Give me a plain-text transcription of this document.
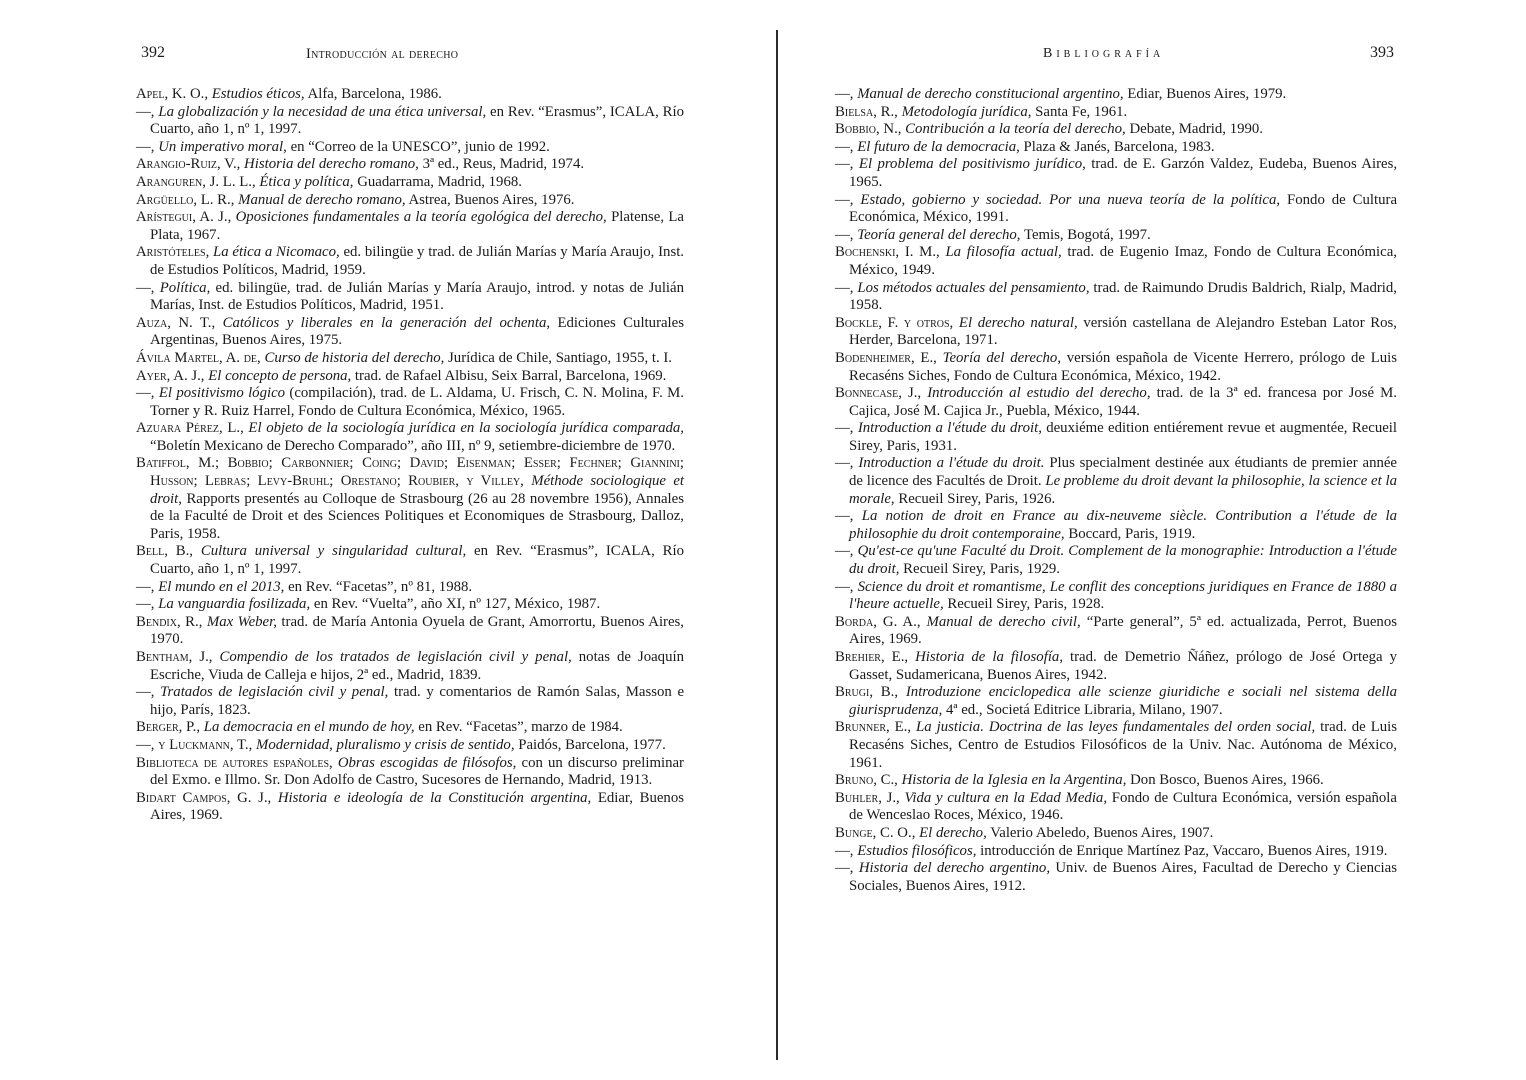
392	Introducción al derecho

Apel, K. O., Estudios éticos, Alfa, Barcelona, 1986.

—, La globalización y la necesidad de una ética universal, en Rev. “Erasmus”, ICALA, Río Cuarto, año 1, nº 1, 1997.

—, Un imperativo moral, en “Correo de la UNESCO”, junio de 1992.

Arangio-Ruiz, V., Historia del derecho romano, 3ª ed., Reus, Madrid, 1974.

Aranguren, J. L. L., Ética y política, Guadarrama, Madrid, 1968.

Argüello, L. R., Manual de derecho romano, Astrea, Buenos Aires, 1976.

Arístegui, A. J., Oposiciones fundamentales a la teoría egológica del derecho, Platense, La Plata, 1967.

Aristóteles, La ética a Nicomaco, ed. bilingüe y trad. de Julián Marías y María Araujo, Inst. de Estudios Políticos, Madrid, 1959.

—, Política, ed. bilingüe, trad. de Julián Marías y María Araujo, introd. y notas de Julián Marías, Inst. de Estudios Políticos, Madrid, 1951.

Auza, N. T., Católicos y liberales en la generación del ochenta, Ediciones Culturales Argentinas, Buenos Aires, 1975.

Ávila Martel, A. de, Curso de historia del derecho, Jurídica de Chile, Santiago, 1955, t. I.

Ayer, A. J., El concepto de persona, trad. de Rafael Albisu, Seix Barral, Barcelona, 1969.

—, El positivismo lógico (compilación), trad. de L. Aldama, U. Frisch, C. N. Molina, F. M. Torner y R. Ruiz Harrel, Fondo de Cultura Económica, México, 1965.

Azuara Pérez, L., El objeto de la sociología jurídica en la sociología jurídica comparada, “Boletín Mexicano de Derecho Comparado”, año III, nº 9, setiembre-diciembre de 1970.

Batiffol, M.; Bobbio; Carbonnier; Coing; David; Eisenman; Esser; Fechner; Giannini; Husson; Lebras; Levy-Bruhl; Orestano; Roubier, y Villey, Méthode sociologique et droit, Rapports presentés au Colloque de Strasbourg (26 au 28 novembre 1956), Annales de la Faculté de Droit et des Sciences Politiques et Economiques de Strasbourg, Dalloz, Paris, 1958.

Bell, B., Cultura universal y singularidad cultural, en Rev. “Erasmus”, ICALA, Río Cuarto, año 1, nº 1, 1997.

—, El mundo en el 2013, en Rev. “Facetas”, nº 81, 1988.

—, La vanguardia fosilizada, en Rev. “Vuelta”, año XI, nº 127, México, 1987.

Bendix, R., Max Weber, trad. de María Antonia Oyuela de Grant, Amorrortu, Buenos Aires, 1970.

Bentham, J., Compendio de los tratados de legislación civil y penal, notas de Joaquín Escriche, Viuda de Calleja e hijos, 2ª ed., Madrid, 1839.

—, Tratados de legislación civil y penal, trad. y comentarios de Ramón Salas, Masson e hijo, París, 1823.

Berger, P., La democracia en el mundo de hoy, en Rev. “Facetas”, marzo de 1984.

—, y Luckmann, T., Modernidad, pluralismo y crisis de sentido, Paidós, Barcelona, 1977.

Biblioteca de autores españoles, Obras escogidas de filósofos, con un discurso preliminar del Exmo. e Illmo. Sr. Don Adolfo de Castro, Sucesores de Hernando, Madrid, 1913.

Bidart Campos, G. J., Historia e ideología de la Constitución argentina, Ediar, Buenos Aires, 1969.

Bibliografía	393

—, Manual de derecho constitucional argentino, Ediar, Buenos Aires, 1979.

Bielsa, R., Metodología jurídica, Santa Fe, 1961.

Bobbio, N., Contribución a la teoría del derecho, Debate, Madrid, 1990.

—, El futuro de la democracia, Plaza & Janés, Barcelona, 1983.

—, El problema del positivismo jurídico, trad. de E. Garzón Valdez, Eudeba, Buenos Aires, 1965.

—, Estado, gobierno y sociedad. Por una nueva teoría de la política, Fondo de Cultura Económica, México, 1991.

—, Teoría general del derecho, Temis, Bogotá, 1997.

Bochenski, I. M., La filosofía actual, trad. de Eugenio Imaz, Fondo de Cultura Económica, México, 1949.

—, Los métodos actuales del pensamiento, trad. de Raimundo Drudis Baldrich, Rialp, Madrid, 1958.

Bockle, F. y otros, El derecho natural, versión castellana de Alejandro Esteban Lator Ros, Herder, Barcelona, 1971.

Bodenheimer, E., Teoría del derecho, versión española de Vicente Herrero, prólogo de Luis Recaséns Siches, Fondo de Cultura Económica, México, 1942.

Bonnecase, J., Introducción al estudio del derecho, trad. de la 3ª ed. francesa por José M. Cajica, José M. Cajica Jr., Puebla, México, 1944.

—, Introduction a l'étude du droit, deuxiéme edition entiérement revue et augmentée, Recueil Sirey, Paris, 1931.

—, Introduction a l'étude du droit. Plus specialment destinée aux étudiants de premier année de licence des Facultés de Droit. Le probleme du droit devant la philosophie, la science et la morale, Recueil Sirey, Paris, 1926.

—, La notion de droit en France au dix-neuveme siècle. Contribution a l'étude de la philosophie du droit contemporaine, Boccard, Paris, 1919.

—, Qu'est-ce qu'une Faculté du Droit. Complement de la monographie: Introduction a l'étude du droit, Recueil Sirey, Paris, 1929.

—, Science du droit et romantisme, Le conflit des conceptions juridiques en France de 1880 a l'heure actuelle, Recueil Sirey, Paris, 1928.

Borda, G. A., Manual de derecho civil, “Parte general”, 5ª ed. actualizada, Perrot, Buenos Aires, 1969.

Brehier, E., Historia de la filosofía, trad. de Demetrio Ñáñez, prólogo de José Ortega y Gasset, Sudamericana, Buenos Aires, 1942.

Brugi, B., Introduzione enciclopedica alle scienze giuridiche e sociali nel sistema della giurisprudenza, 4ª ed., Societá Editrice Libraria, Milano, 1907.

Brunner, E., La justicia. Doctrina de las leyes fundamentales del orden social, trad. de Luis Recaséns Siches, Centro de Estudios Filosóficos de la Univ. Nac. Autónoma de México, 1961.

Bruno, C., Historia de la Iglesia en la Argentina, Don Bosco, Buenos Aires, 1966.

Buhler, J., Vida y cultura en la Edad Media, Fondo de Cultura Económica, versión española de Wenceslao Roces, México, 1946.

Bunge, C. O., El derecho, Valerio Abeledo, Buenos Aires, 1907.

—, Estudios filosóficos, introducción de Enrique Martínez Paz, Vaccaro, Buenos Aires, 1919.

—, Historia del derecho argentino, Univ. de Buenos Aires, Facultad de Derecho y Ciencias Sociales, Buenos Aires, 1912.
